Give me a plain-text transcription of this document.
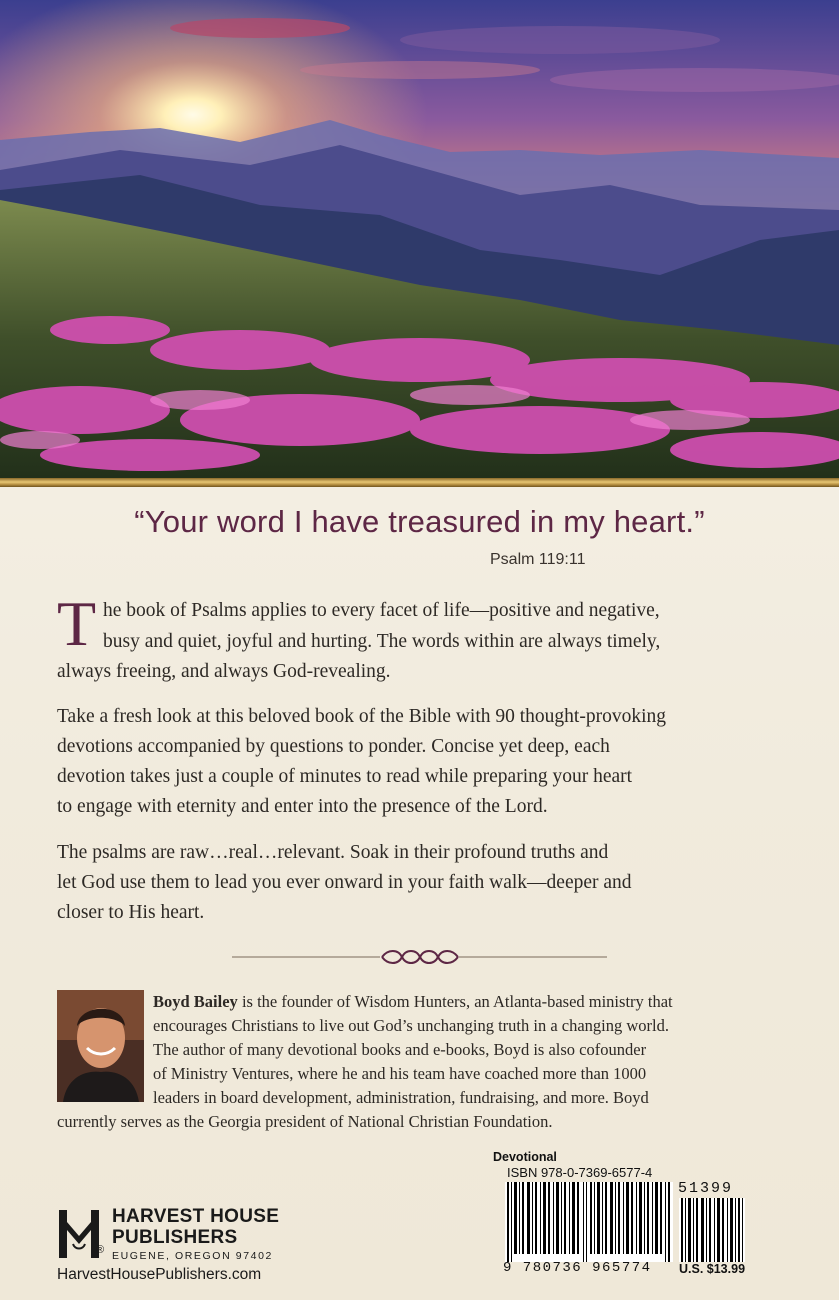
“Your word I have treasured in my heart.”
Psalm 119:11
T he book of Psalms applies to every facet of life—positive and negative,
busy and quiet, joyful and hurting. The words within are always timely,
always freeing, and always God-revealing.
Take a fresh look at this beloved book of the Bible with 90 thought-provoking
devotions accompanied by questions to ponder. Concise yet deep, each
devotion takes just a couple of minutes to read while preparing your heart
to engage with eternity and enter into the presence of the Lord.
The psalms are raw…real…relevant. Soak in their profound truths and
let God use them to lead you ever onward in your faith walk—deeper and
closer to His heart.
Boyd Bailey is the founder of Wisdom Hunters, an Atlanta-based ministry that
encourages Christians to live out God’s unchanging truth in a changing world.
The author of many devotional books and e-books, Boyd is also cofounder
of Ministry Ventures, where he and his team have coached more than 1000
leaders in board development, administration, fundraising, and more. Boyd
currently serves as the Georgia president of National Christian Foundation.
Devotional
ISBN 978-0-7369-6577-4
9 780736 965774
51399
U.S. $13.99
®
HARVEST HOUSE
PUBLISHERS
EUGENE, OREGON 97402
HarvestHousePublishers.com
